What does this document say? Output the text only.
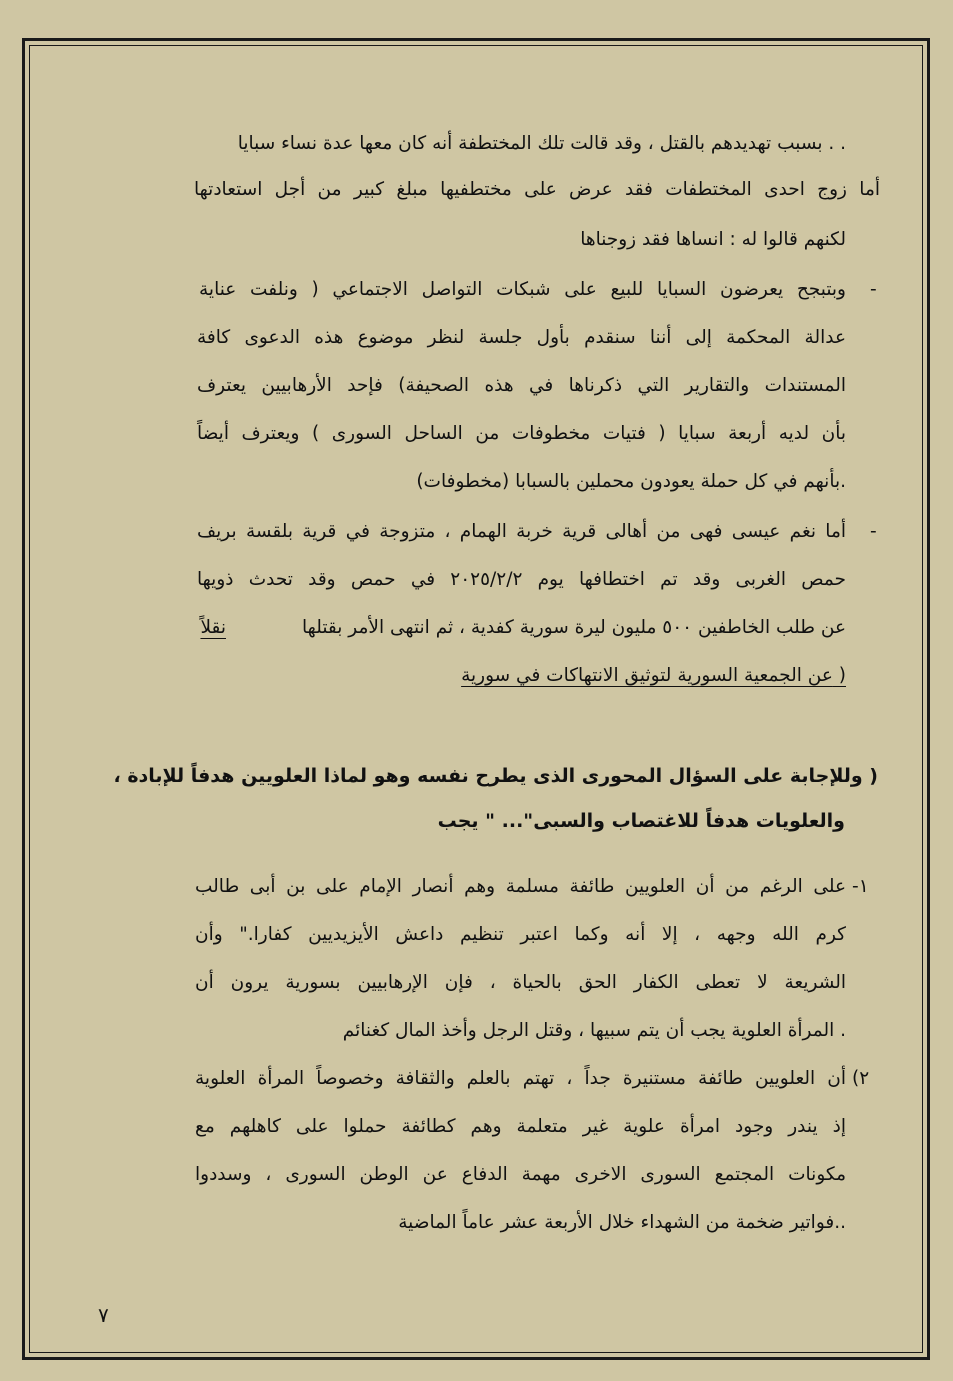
بسبب تهديدهم بالقتل ، وقد قالت تلك المختطفة أنه كان معها عدة نساء سبايا . .
أما زوج احدى المختطفات فقد عرض على مختطفيها مبلغ كبير من أجل استعادتها
لكنهم قالوا له : انساها فقد زوجناها
-
وبتبجح يعرضون السبايا للبيع على شبكات التواصل الاجتماعي ( ونلفت عناية
عدالة المحكمة إلى أننا سنقدم بأول جلسة لنظر موضوع هذه الدعوى كافة
المستندات والتقارير التي ذكرناها في هذه الصحيفة) فإحد الأرهابيين يعترف
بأن لديه أربعة سبايا ( فتيات مخطوفات من الساحل السورى ) ويعترف أيضاً
بأنهم في كل حملة يعودون محملين بالسبابا (مخطوفات).
-
أما نغم عيسى فهى من أهالى قرية خربة الهمام ، متزوجة في قرية بلقسة بريف
حمص الغربى وقد تم اختطافها يوم ٢٠٢٥/٢/٢ في حمص وقد تحدث ذويها
عن طلب الخاطفين ٥٠٠ مليون ليرة سورية كفدية ، ثم انتهى الأمر بقتلها
نقلاً
عن الجمعية السورية لتوثيق الانتهاكات في سورية )
( وللإجابة على السؤال المحورى الذى يطرح نفسه وهو لماذا العلويين هدفاً للإبادة ،
والعلويات هدفاً للاغتصاب والسبى"... " يجب
١-
على الرغم من أن العلويين طائفة مسلمة وهم أنصار الإمام على بن أبى طالب
كرم الله وجهه ، إلا أنه وكما اعتبر تنظيم داعش الأيزيديين كفارا." وأن
الشريعة لا تعطى الكفار الحق بالحياة ، فإن الإرهابيين بسورية يرون أن
المرأة العلوية يجب أن يتم سبيها ، وقتل الرجل وأخذ المال كغنائم .
٢)
أن العلويين طائفة مستنيرة جداً ، تهتم بالعلم والثقافة وخصوصاً المرأة العلوية
إذ يندر وجود امرأة علوية غير متعلمة وهم كطائفة حملوا على كاهلهم مع
مكونات المجتمع السورى الاخرى مهمة الدفاع عن الوطن السورى ، وسددوا
فواتير ضخمة من الشهداء خلال الأربعة عشر عاماً الماضية..
٧
